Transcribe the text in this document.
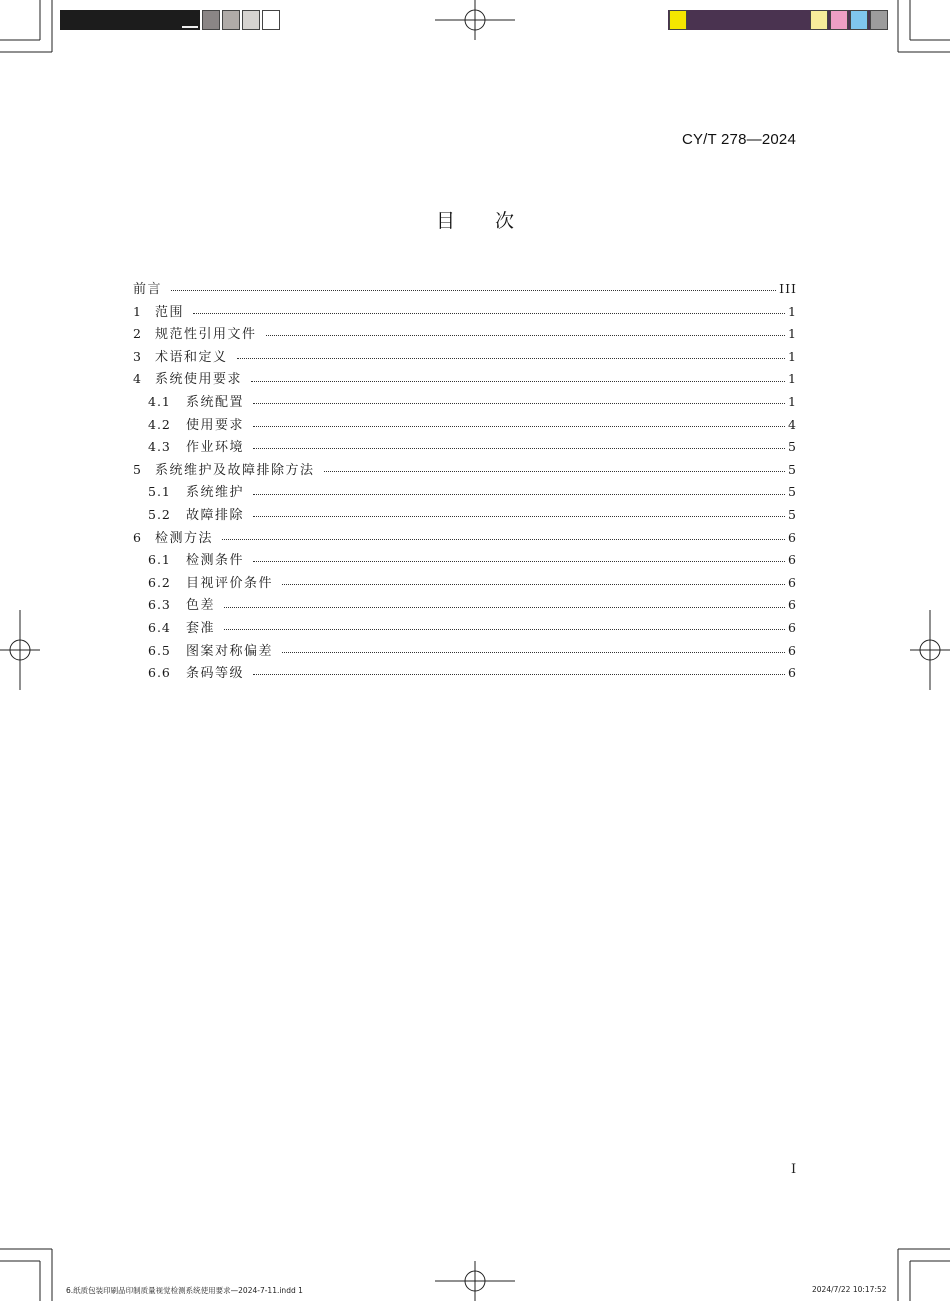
CY/T 278—2024
目次
前言	III
1	范围	1
2	规范性引用文件	1
3	术语和定义	1
4	系统使用要求	1
4.1	系统配置	1
4.2	使用要求	4
4.3	作业环境	5
5	系统维护及故障排除方法	5
5.1	系统维护	5
5.2	故障排除	5
6	检测方法	6
6.1	检测条件	6
6.2	目视评价条件	6
6.3	色差	6
6.4	套准	6
6.5	图案对称偏差	6
6.6	条码等级	6
I
6.纸质包装印刷品印制质量视觉检测系统使用要求—2024-7-11.indd 1	2024/7/22 10:17:52
